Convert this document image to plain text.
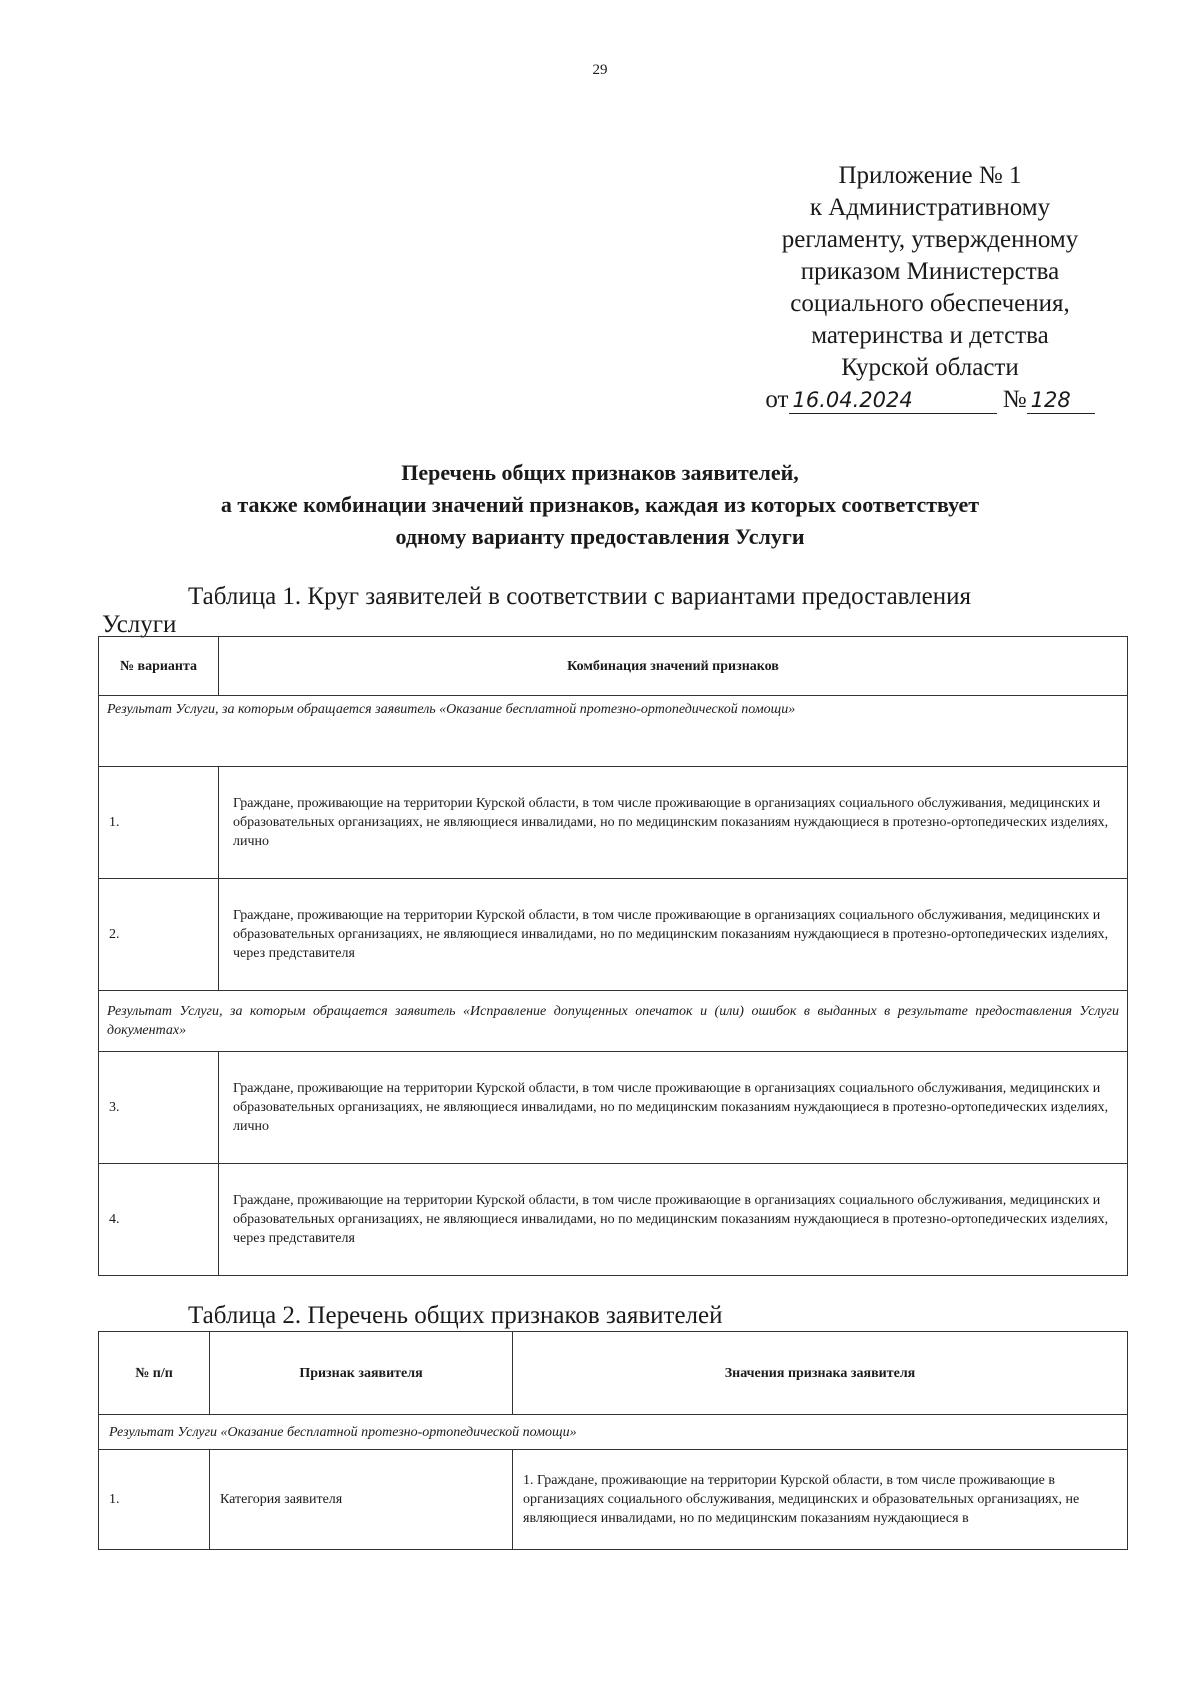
29
Приложение № 1
к Административному
регламенту, утвержденному
приказом Министерства
социального обеспечения,
материнства и детства
Курской области
от 16.04.2024	№ 128
Перечень общих признаков заявителей,
а также комбинации значений признаков, каждая из которых соответствует
одному варианту предоставления Услуги
Таблица 1. Круг заявителей в соответствии с вариантами предоставления
Услуги
№ варианта	Комбинация значений признаков
Результат Услуги, за которым обращается заявитель «Оказание бесплатной протезно-ортопедической помощи»	
1.	Граждане, проживающие на территории Курской области, в том числе проживающие в организациях социального обслуживания, медицинских и образовательных организациях, не являющиеся инвалидами, но по медицинским показаниям нуждающиеся в протезно-ортопедических изделиях, лично
2.	Граждане, проживающие на территории Курской области, в том числе проживающие в организациях социального обслуживания, медицинских и образовательных организациях, не являющиеся инвалидами, но по медицинским показаниям нуждающиеся в протезно-ортопедических изделиях, через представителя
Результат Услуги, за которым обращается заявитель «Исправление допущенных опечаток и (или) ошибок в выданных в результате предоставления Услуги документах»	
3.	Граждане, проживающие на территории Курской области, в том числе проживающие в организациях социального обслуживания, медицинских и образовательных организациях, не являющиеся инвалидами, но по медицинским показаниям нуждающиеся в протезно-ортопедических изделиях, лично
4.	Граждане, проживающие на территории Курской области, в том числе проживающие в организациях социального обслуживания, медицинских и образовательных организациях, не являющиеся инвалидами, но по медицинским показаниям нуждающиеся в протезно-ортопедических изделиях, через представителя
Таблица 2. Перечень общих признаков заявителей
№ п/п	Признак заявителя	Значения признака заявителя
Результат Услуги «Оказание бесплатной протезно-ортопедической помощи»		
1.	Категория заявителя	1. Граждане, проживающие на территории Курской области, в том числе проживающие в организациях социального обслуживания, медицинских и образовательных организациях, не являющиеся инвалидами, но по медицинским показаниям нуждающиеся в
